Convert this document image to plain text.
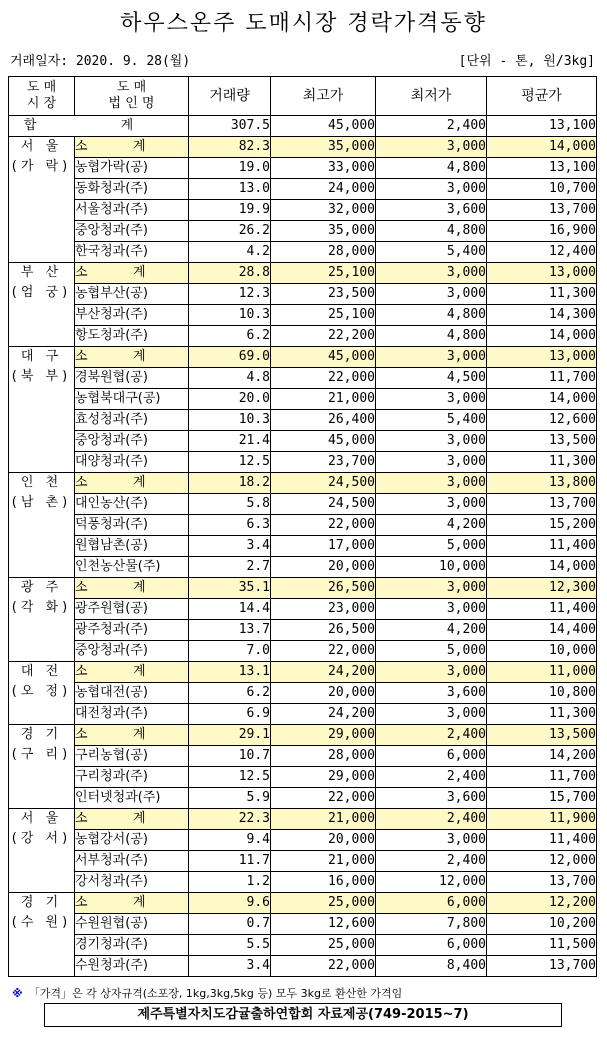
하우스온주 도매시장 경락가격동향
거래일자: 2020. 9. 28(월)	[단위 - 톤, 원/3kg]
도 매
시 장	도 매
법 인 명	거래량	최고가	최저가	평균가
합 계		307.5	45,000	2,400	13,100
서 울
(가 락)	소 계	82.3	35,000	3,000	14,000
	농협가락(공)	19.0	33,000	4,800	13,100
	동화청과(주)	13.0	24,000	3,000	10,700
	서울청과(주)	19.9	32,000	3,600	13,700
	중앙청과(주)	26.2	35,000	4,800	16,900
	한국청과(주)	4.2	28,000	5,400	12,400
부 산
(엄 궁)	소 계	28.8	25,100	3,000	13,000
	농협부산(공)	12.3	23,500	3,000	11,300
	부산청과(주)	10.3	25,100	4,800	14,300
	항도청과(주)	6.2	22,200	4,800	14,000
대 구
(북 부)	소 계	69.0	45,000	3,000	13,000
	경북원협(공)	4.8	22,000	4,500	11,700
	농협북대구(공)	20.0	21,000	3,000	14,000
	효성청과(주)	10.3	26,400	5,400	12,600
	중앙청과(주)	21.4	45,000	3,000	13,500
	대양청과(주)	12.5	23,700	3,000	11,300
인 천
(남 촌)	소 계	18.2	24,500	3,000	13,800
	대인농산(주)	5.8	24,500	3,000	13,700
	덕풍청과(주)	6.3	22,000	4,200	15,200
	원협남촌(공)	3.4	17,000	5,000	11,400
	인천농산물(주)	2.7	20,000	10,000	14,000
광 주
(각 화)	소 계	35.1	26,500	3,000	12,300
	광주원협(공)	14.4	23,000	3,000	11,400
	광주청과(주)	13.7	26,500	4,200	14,400
	중앙청과(주)	7.0	22,000	5,000	10,000
대 전
(오 정)	소 계	13.1	24,200	3,000	11,000
	농협대전(공)	6.2	20,000	3,600	10,800
	대전청과(주)	6.9	24,200	3,000	11,300
경 기
(구 리)	소 계	29.1	29,000	2,400	13,500
	구리농협(공)	10.7	28,000	6,000	14,200
	구리청과(주)	12.5	29,000	2,400	11,700
	인터넷청과(주)	5.9	22,000	3,600	15,700
서 울
(강 서)	소 계	22.3	21,000	2,400	11,900
	농협강서(공)	9.4	20,000	3,000	11,400
	서부청과(주)	11.7	21,000	2,400	12,000
	강서청과(주)	1.2	16,000	12,000	13,700
경 기
(수 원)	소 계	9.6	25,000	6,000	12,200
	수원원협(공)	0.7	12,600	7,800	10,200
	경기청과(주)	5.5	25,000	6,000	11,500
	수원청과(주)	3.4	22,000	8,400	13,700
※ 「가격」은 각 상자규격(소포장, 1kg,3kg,5kg 등) 모두 3kg로 환산한 가격임
제주특별자치도감귤출하연합회 자료제공(749-2015~7)
